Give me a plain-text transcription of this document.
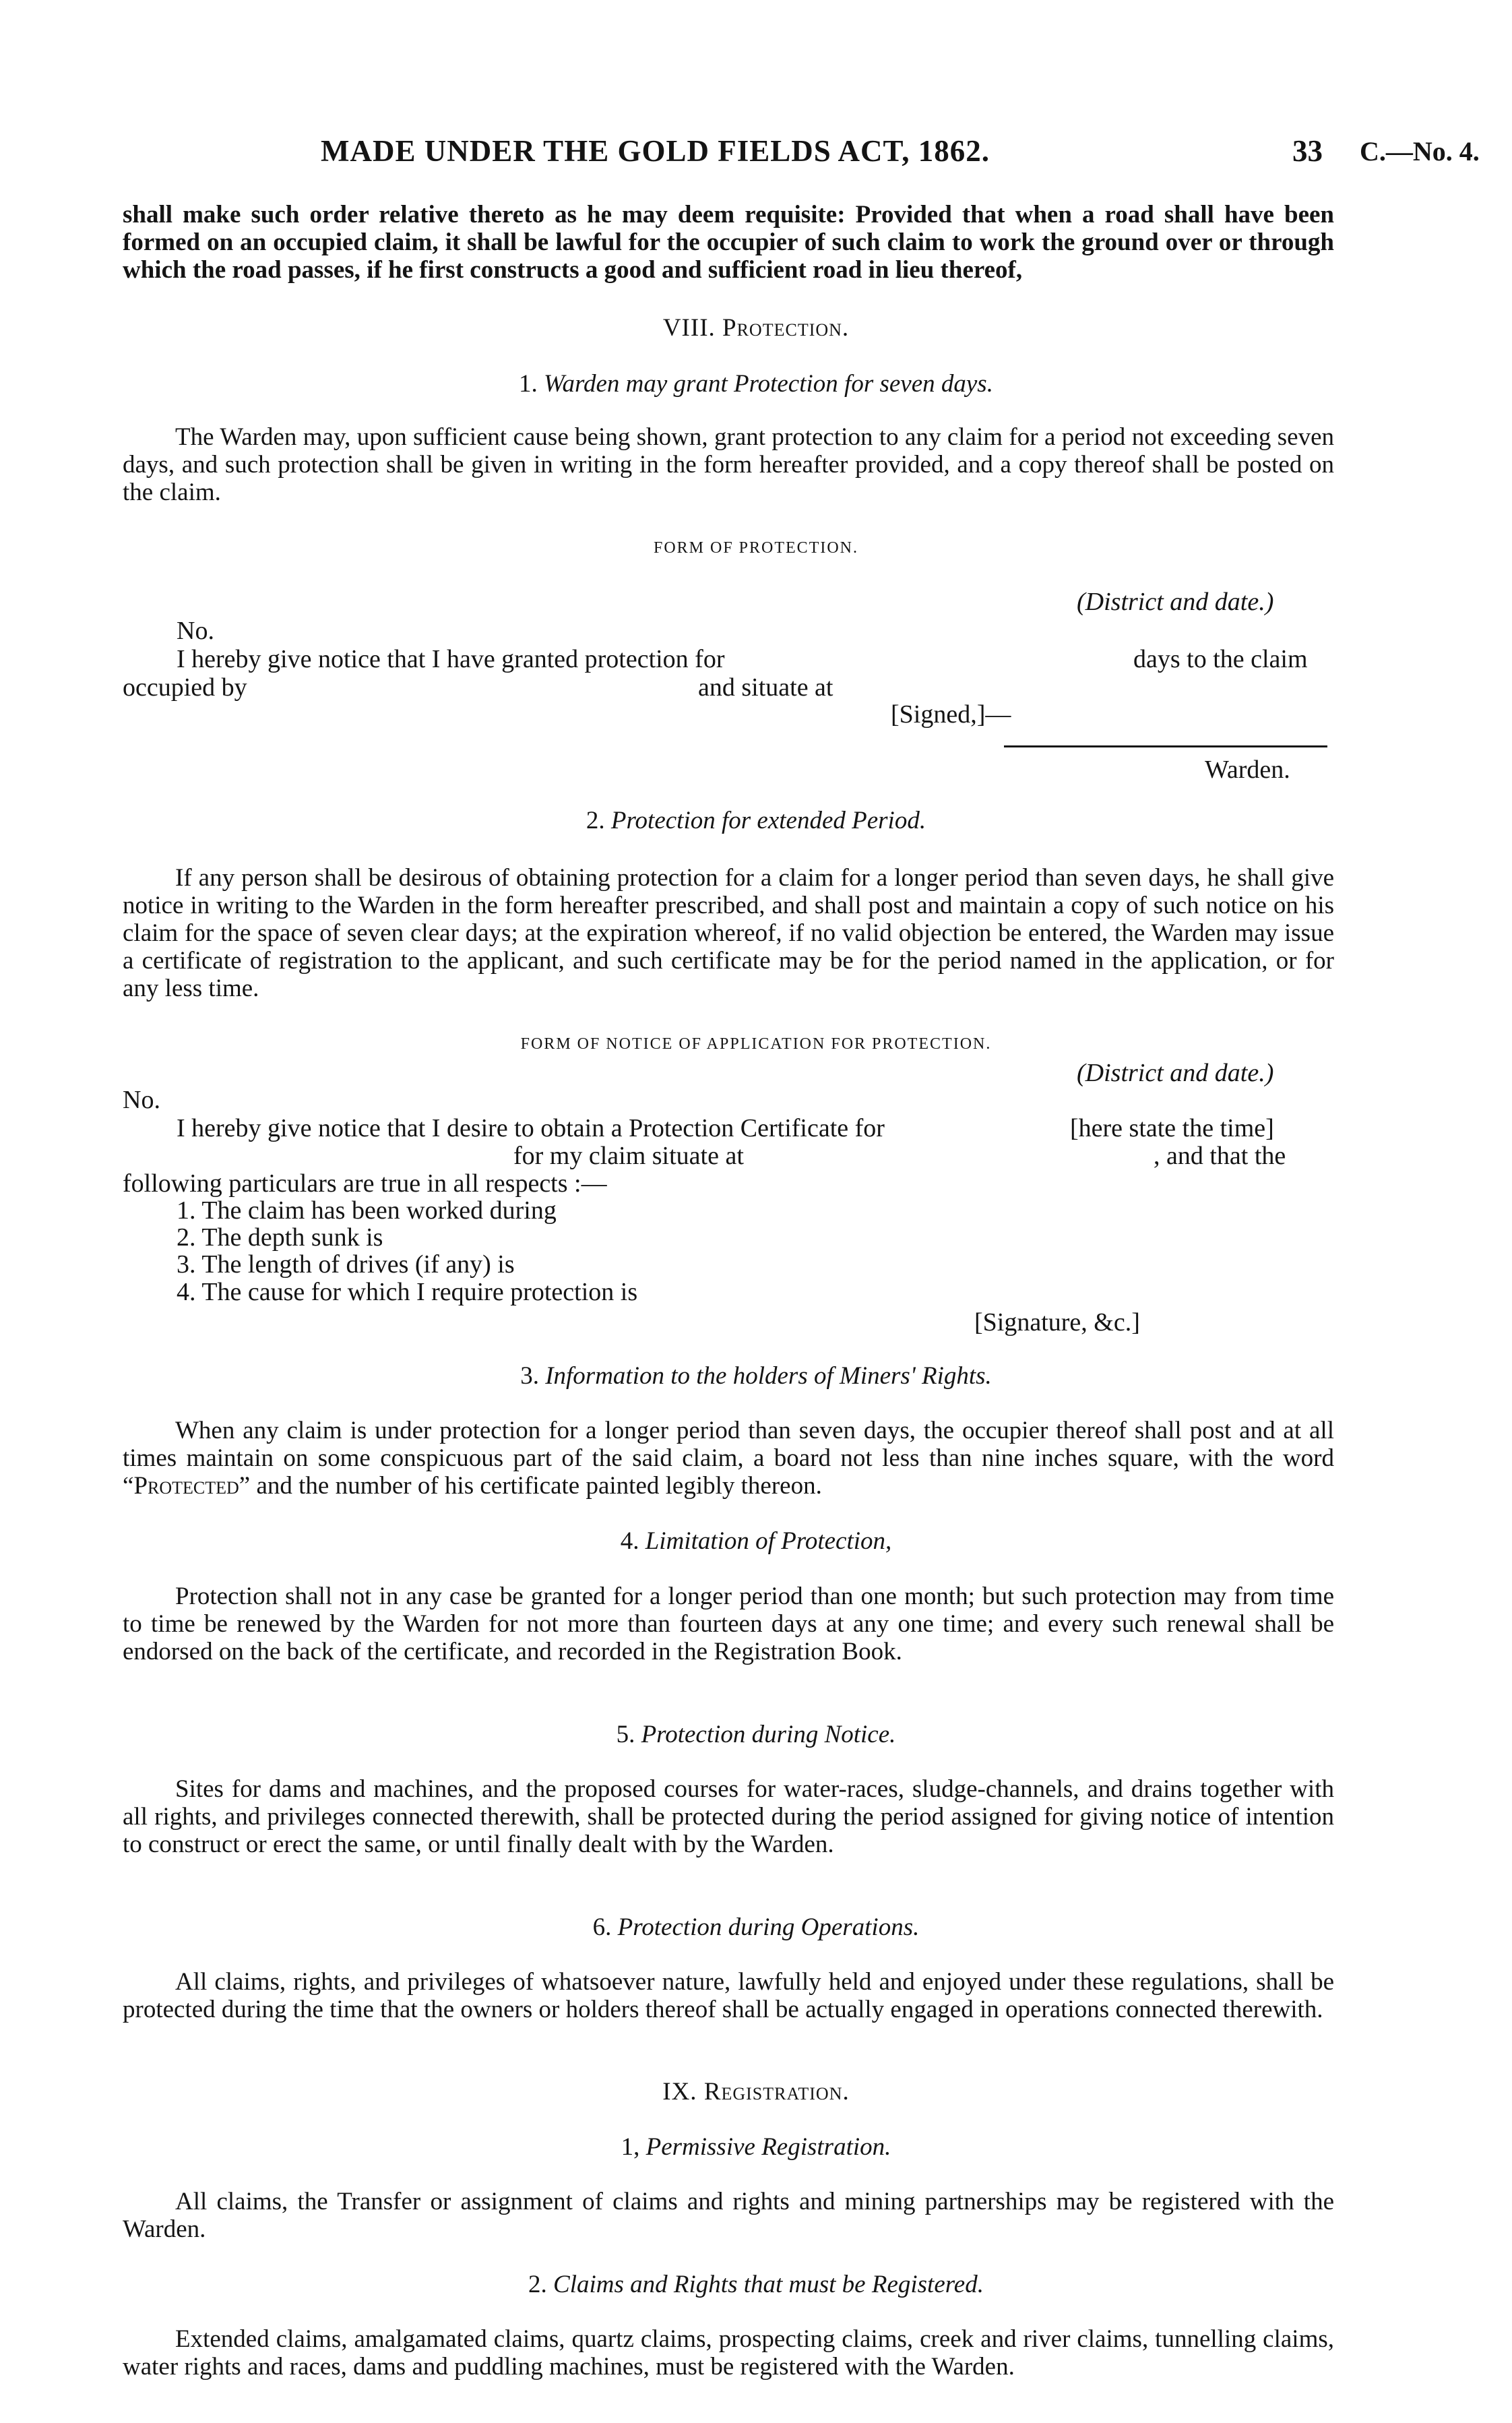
MADE UNDER THE GOLD FIELDS ACT, 1862.	33 C.—No. 4.

shall make such order relative thereto as he may deem requisite: Provided that when a road shall have been formed on an occupied claim, it shall be lawful for the occupier of such claim to work the ground over or through which the road passes, if he first constructs a good and sufficient road in lieu thereof,

VIII. Protection.
1. Warden may grant Protection for seven days.

The Warden may, upon sufficient cause being shown, grant protection to any claim for a period not exceeding seven days, and such protection shall be given in writing in the form hereafter provided, and a copy thereof shall be posted on the claim.

FORM OF PROTECTION.
(District and date.)
No.
I hereby give notice that I have granted protection for	days to the claim
occupied by	and situate at
[Signed,]—
Warden.
2. Protection for extended Period.

If any person shall be desirous of obtaining protection for a claim for a longer period than seven days, he shall give notice in writing to the Warden in the form hereafter prescribed, and shall post and maintain a copy of such notice on his claim for the space of seven clear days; at the expiration whereof, if no valid objection be entered, the Warden may issue a certificate of registration to the applicant, and such certificate may be for the period named in the application, or for any less time.

FORM OF NOTICE OF APPLICATION FOR PROTECTION.
(District and date.)
No.
I hereby give notice that I desire to obtain a Protection Certificate for	[here state the time]
for my claim situate at	, and that the
following particulars are true in all respects :—
1. The claim has been worked during
2. The depth sunk is
3. The length of drives (if any) is
4. The cause for which I require protection is
[Signature, &c.]
3. Information to the holders of Miners' Rights.

When any claim is under protection for a longer period than seven days, the occupier thereof shall post and at all times maintain on some conspicuous part of the said claim, a board not less than nine inches square, with the word “Protected” and the number of his certificate painted legibly thereon.

4. Limitation of Protection,

Protection shall not in any case be granted for a longer period than one month; but such protection may from time to time be renewed by the Warden for not more than fourteen days at any one time; and every such renewal shall be endorsed on the back of the certificate, and recorded in the Registration Book.

5. Protection during Notice.

Sites for dams and machines, and the proposed courses for water-races, sludge-channels, and drains together with all rights, and privileges connected therewith, shall be protected during the period assigned for giving notice of intention to construct or erect the same, or until finally dealt with by the Warden.

6. Protection during Operations.

All claims, rights, and privileges of whatsoever nature, lawfully held and enjoyed under these regulations, shall be protected during the time that the owners or holders thereof shall be actually engaged in operations connected therewith.

IX. Registration.
1, Permissive Registration.

All claims, the Transfer or assignment of claims and rights and mining partnerships may be registered with the Warden.

2. Claims and Rights that must be Registered.

Extended claims, amalgamated claims, quartz claims, prospecting claims, creek and river claims, tunnelling claims, water rights and races, dams and puddling machines, must be registered with the Warden.
